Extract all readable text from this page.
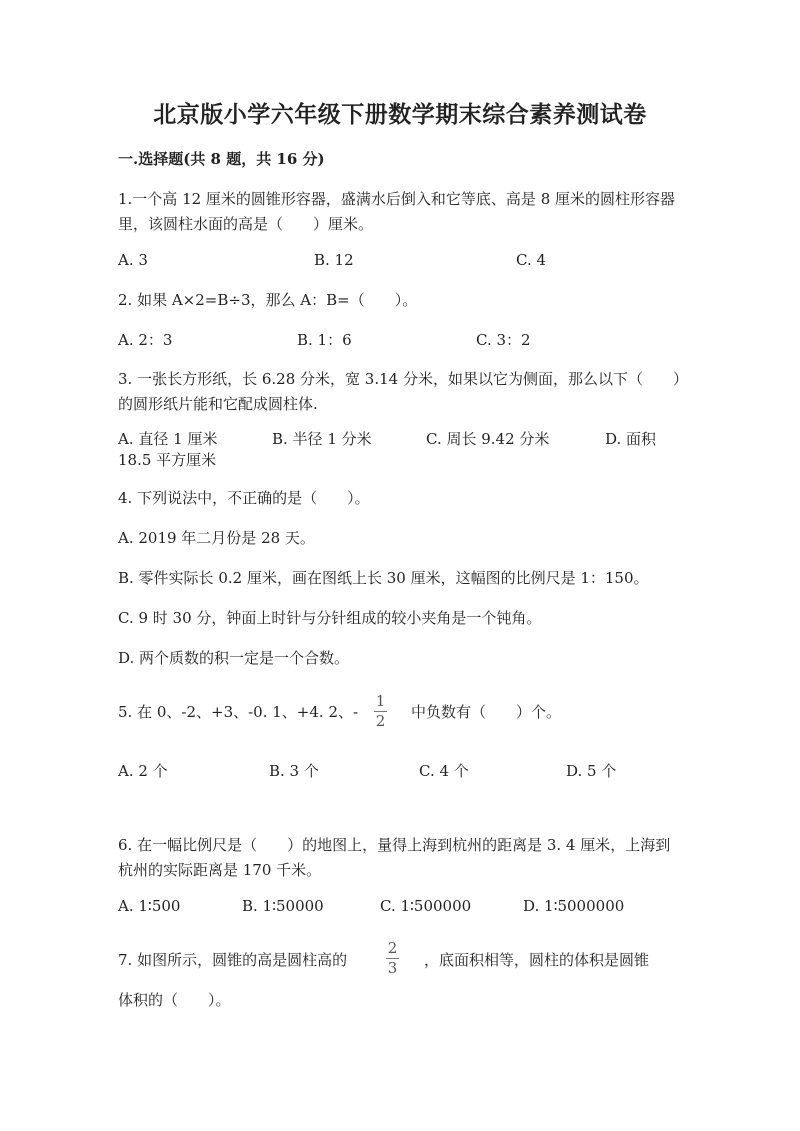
北京版小学六年级下册数学期末综合素养测试卷
一.选择题(共 8 题，共 16 分)

1.一个高 12 厘米的圆锥形容器，盛满水后倒入和它等底、高是 8 厘米的圆柱形容器里，该圆柱水面的高是（　　）厘米。

A. 3	B. 12	C. 4

2. 如果 A×2=B÷3，那么 A：B=（　　）。

A. 2：3	B. 1：6	C. 3：2

3. 一张长方形纸，长 6.28 分米，宽 3.14 分米，如果以它为侧面，那么以下（　　）的圆形纸片能和它配成圆柱体.

A. 直径 1 厘米	B. 半径 1 分米	C. 周长 9.42 分米	D. 面积
18.5 平方厘米

4. 下列说法中，不正确的是（　　）。

A. 2019 年二月份是 28 天。
B. 零件实际长 0.2 厘米，画在图纸上长 30 厘米，这幅图的比例尺是 1：150。
C. 9 时 30 分，钟面上时针与分针组成的较小夹角是一个钝角。
D. 两个质数的积一定是一个合数。
5. 在 0、-2、+3、-0. 1、+4. 2、-
1
2 中负数有（　　）个。
A. 2 个	B. 3 个	C. 4 个	D. 5 个

6. 在一幅比例尺是（　　）的地图上，量得上海到杭州的距离是 3. 4 厘米，上海到杭州的实际距离是 170 千米。

A. 1∶500	B. 1∶50000	C. 1∶500000	D. 1∶5000000
7. 如图所示，圆锥的高是圆柱高的
2
3 ，底面积相等，圆柱的体积是圆锥
体积的（　　）。
